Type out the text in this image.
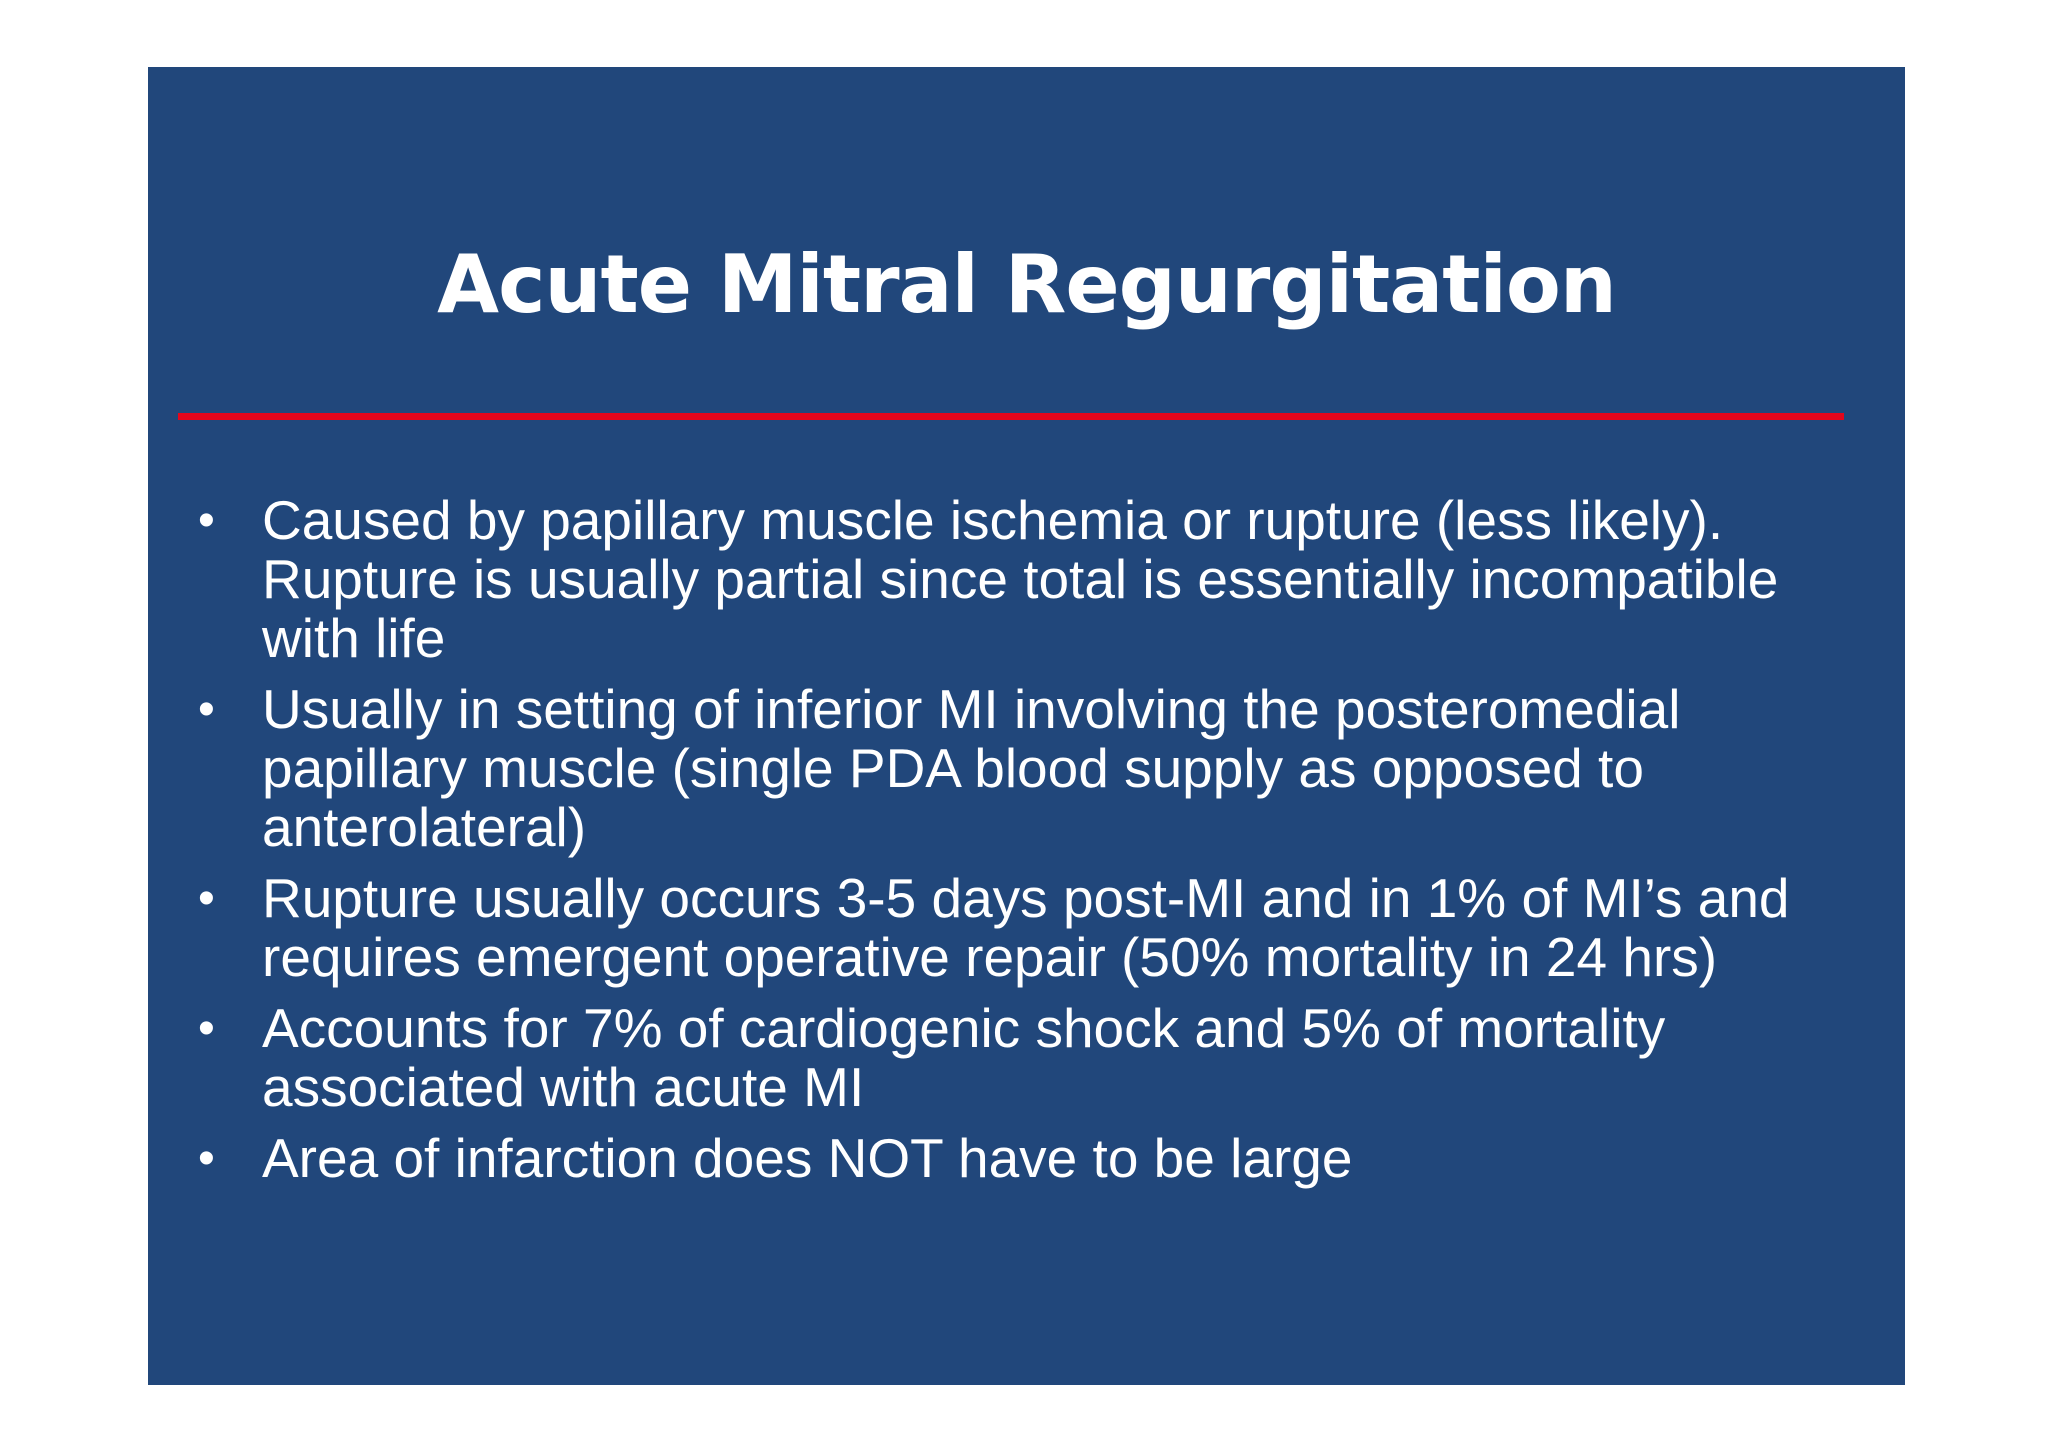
Acute Mitral Regurgitation
• Caused by papillary muscle ischemia or rupture (less likely). Rupture is usually partial since total is essentially incompatible with life
• Usually in setting of inferior MI involving the posteromedial papillary muscle (single PDA blood supply as opposed to anterolateral)
• Rupture usually occurs 3-5 days post-MI and in 1% of MI’s and requires emergent operative repair (50% mortality in 24 hrs)
• Accounts for 7% of cardiogenic shock and 5% of mortality associated with acute MI
• Area of infarction does NOT have to be large
